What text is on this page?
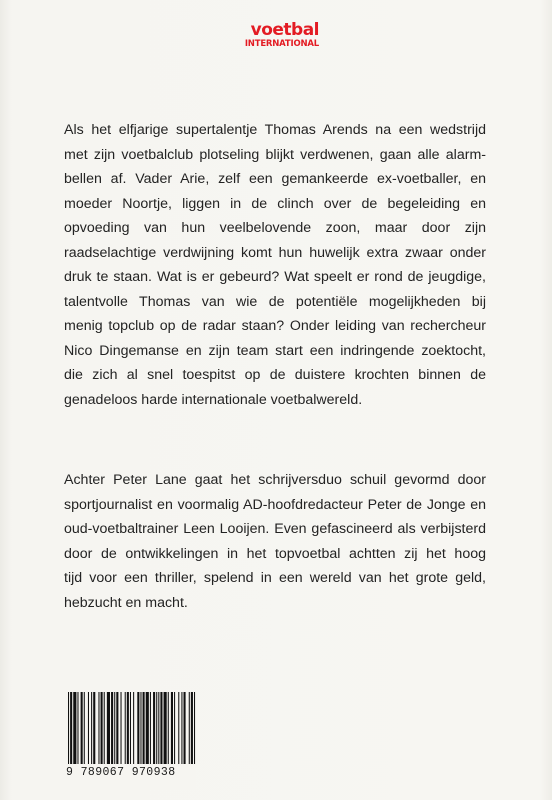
voetbal
INTERNATIONAL
Als het elfjarige supertalentje Thomas Arends na een wedstrijd
met zijn voetbalclub plotseling blijkt verdwenen, gaan alle alarm-
bellen af. Vader Arie, zelf een gemankeerde ex-voetballer, en
moeder Noortje, liggen in de clinch over de begeleiding en
opvoeding van hun veelbelovende zoon, maar door zijn
raadselachtige verdwijning komt hun huwelijk extra zwaar onder
druk te staan. Wat is er gebeurd? Wat speelt er rond de jeugdige,
talentvolle Thomas van wie de potentiële mogelijkheden bij
menig topclub op de radar staan? Onder leiding van rechercheur
Nico Dingemanse en zijn team start een indringende zoektocht,
die zich al snel toespitst op de duistere krochten binnen de
genadeloos harde internationale voetbalwereld.
Achter Peter Lane gaat het schrijversduo schuil gevormd door
sportjournalist en voormalig AD-hoofdredacteur Peter de Jonge en
oud-voetbaltrainer Leen Looijen. Even gefascineerd als verbijsterd
door de ontwikkelingen in het topvoetbal achtten zij het hoog
tijd voor een thriller, spelend in een wereld van het grote geld,
hebzucht en macht.
9 789067 970938
